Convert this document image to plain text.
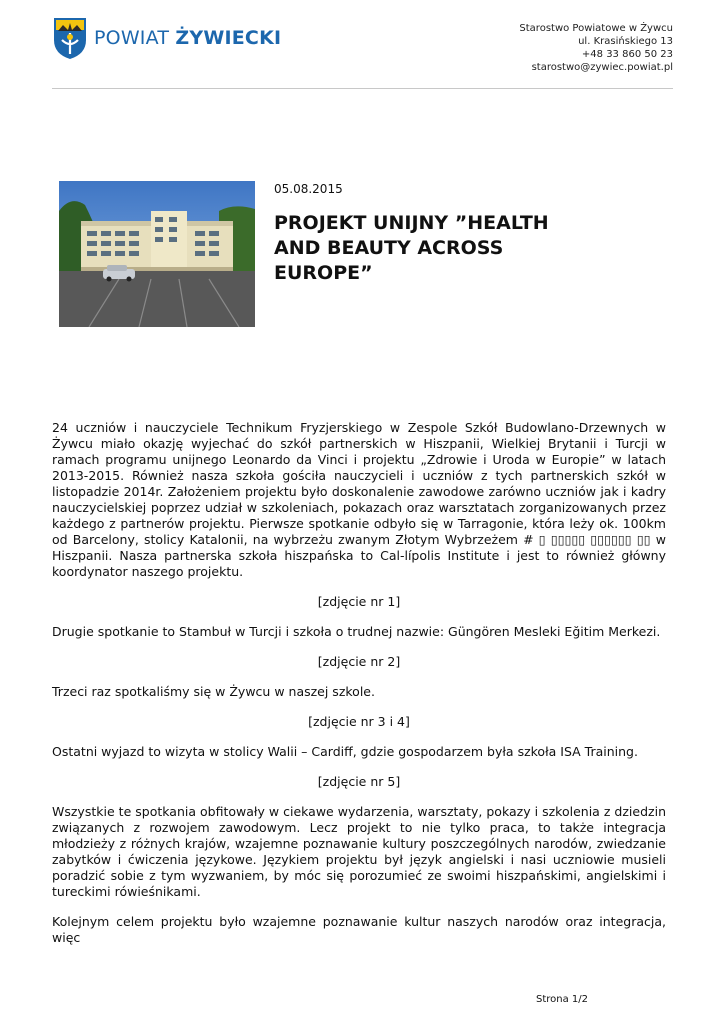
POWIAT ŻYWIECKI	Starostwo Powiatowe w Żywcu
ul. Krasińskiego 13
+48 33 860 50 23
starostwo@zywiec.powiat.pl
05.08.2015
PROJEKT UNIJNY ”HEALTH AND BEAUTY ACROSS EUROPE”

24 uczniów i nauczyciele Technikum Fryzjerskiego w Zespole Szkół Budowlano-Drzewnych w Żywcu miało okazję wyjechać do szkół partnerskich w Hiszpanii, Wielkiej Brytanii i Turcji w ramach programu unijnego Leonardo da Vinci i projektu „Zdrowie i Uroda w Europie” w latach 2013-2015. Również nasza szkoła gościła nauczycieli i uczniów z tych partnerskich szkół w listopadzie 2014r. Założeniem projektu było doskonalenie zawodowe zarówno uczniów jak i kadry nauczycielskiej poprzez udział w szkoleniach, pokazach oraz warsztatach zorganizowanych przez każdego z partnerów projektu. Pierwsze spotkanie odbyło się w Tarragonie, która leży ok. 100km od Barcelony, stolicy Katalonii, na wybrzeżu zwanym Złotym Wybrzeżem # ▯ ▯▯▯▯▯ ▯▯▯▯▯▯ ▯▯ w Hiszpanii. Nasza partnerska szkoła hiszpańska to Cal-lípolis Institute i jest to również główny koordynator naszego projektu.

[zdjęcie nr 1]

Drugie spotkanie to Stambuł w Turcji i szkoła o trudnej nazwie: Güngören Mesleki Eğitim Merkezi.

[zdjęcie nr 2]

Trzeci raz spotkaliśmy się w Żywcu w naszej szkole.

[zdjęcie nr 3 i 4]

Ostatni wyjazd to wizyta w stolicy Walii – Cardiff, gdzie gospodarzem była szkoła ISA Training.

[zdjęcie nr 5]

Wszystkie te spotkania obfitowały w ciekawe wydarzenia, warsztaty, pokazy i szkolenia z dziedzin związanych z rozwojem zawodowym. Lecz projekt to nie tylko praca, to także integracja młodzieży z różnych krajów, wzajemne poznawanie kultury poszczególnych narodów, zwiedzanie zabytków i ćwiczenia językowe. Językiem projektu był język angielski i nasi uczniowie musieli poradzić sobie z tym wyzwaniem, by móc się porozumieć ze swoimi hiszpańskimi, angielskimi i tureckimi rówieśnikami.

Kolejnym celem projektu było wzajemne poznawanie kultur naszych narodów oraz integracja, więc

Strona 1/2
